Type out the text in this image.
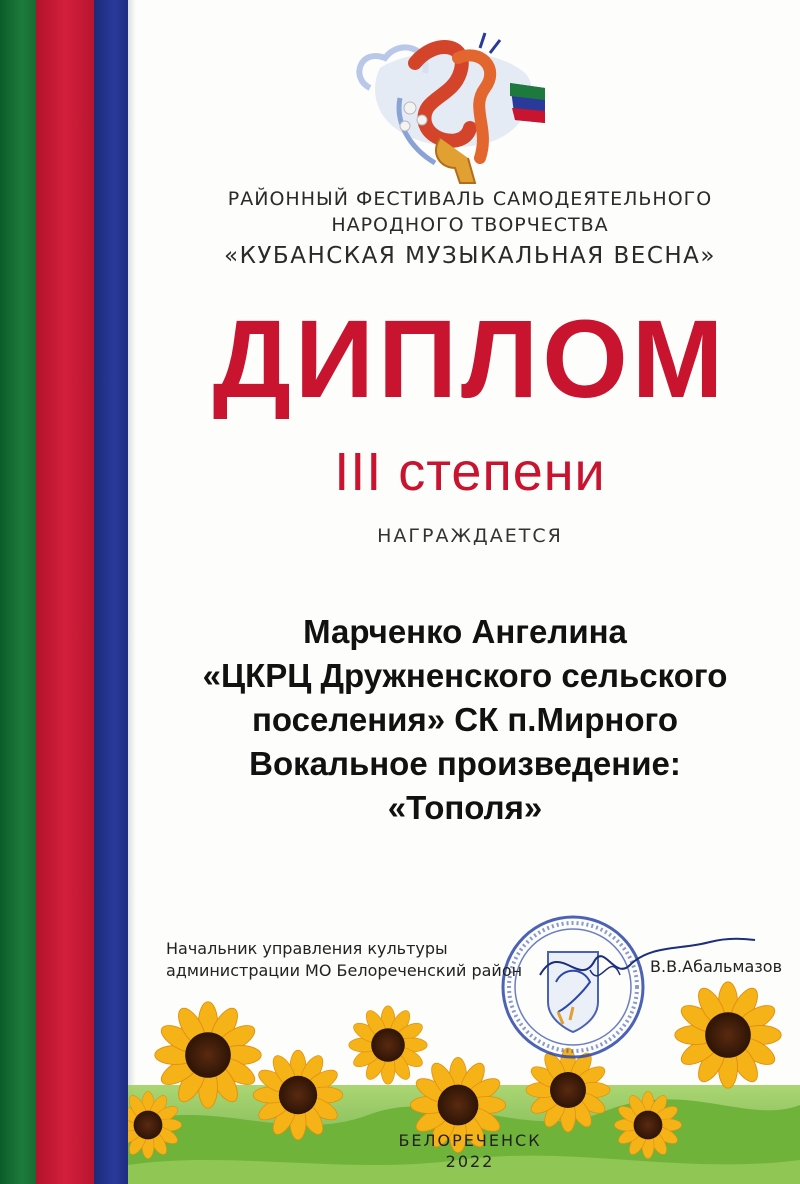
РАЙОННЫЙ ФЕСТИВАЛЬ САМОДЕЯТЕЛЬНОГО
НАРОДНОГО ТВОРЧЕСТВА
«КУБАНСКАЯ МУЗЫКАЛЬНАЯ ВЕСНА»
ДИПЛОМ
III степени
НАГРАЖДАЕТСЯ
Марченко Ангелина
«ЦКРЦ Дружненского сельского
поселения» СК п.Мирного
Вокальное произведение:
«Тополя»
Начальник управления культуры
администрации МО Белореченский район	В.В.Абальмазов
БЕЛОРЕЧЕНСК
2022
